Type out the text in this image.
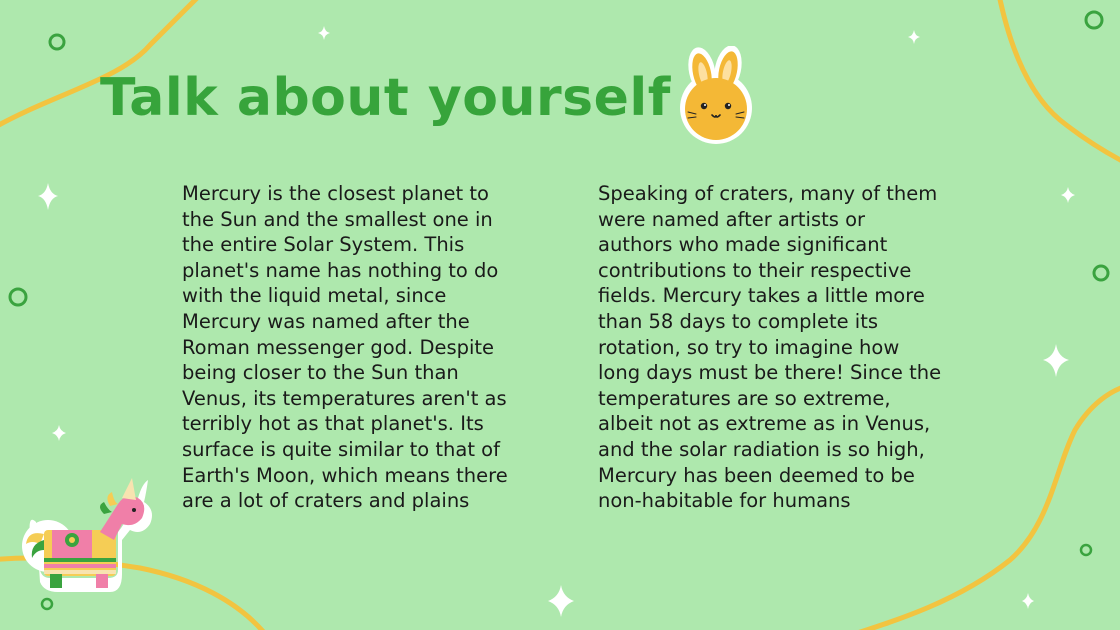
Talk about yourself

Mercury is the closest planet to
the Sun and the smallest one in
the entire Solar System. This
planet's name has nothing to do
with the liquid metal, since
Mercury was named after the
Roman messenger god. Despite
being closer to the Sun than
Venus, its temperatures aren't as
terribly hot as that planet's. Its
surface is quite similar to that of
Earth's Moon, which means there
are a lot of craters and plains

Speaking of craters, many of them
were named after artists or
authors who made significant
contributions to their respective
fields. Mercury takes a little more
than 58 days to complete its
rotation, so try to imagine how
long days must be there! Since the
temperatures are so extreme,
albeit not as extreme as in Venus,
and the solar radiation is so high,
Mercury has been deemed to be
non-habitable for humans
